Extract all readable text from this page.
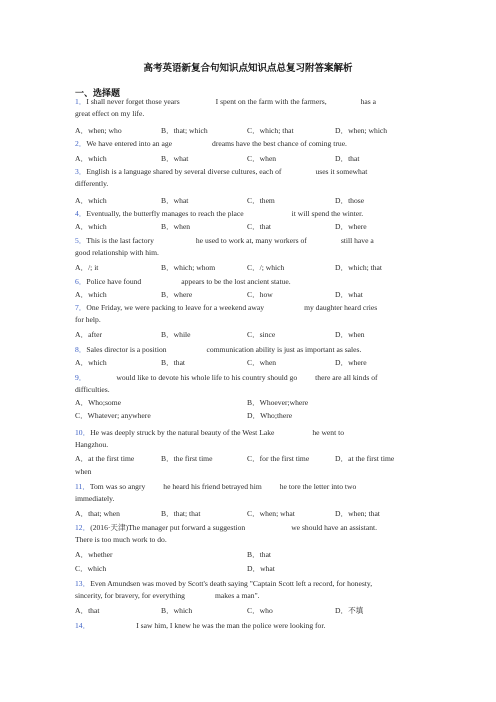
高考英语新复合句知识点知识点总复习附答案解析
一、选择题
1．I shall never forget those years	I spent on the farm with the farmers,	has a
great effect on my life.
A．when; who	B．that; which	C．which; that	D．when; which
2．We have entered into an age	dreams have the best chance of coming true.
A．which	B．what	C．when	D．that
3．English is a language shared by several diverse cultures, each of	uses it somewhat
differently.
A．which	B．what	C．them	D．those
4．Eventually, the butterfly manages to reach the place	it will spend the winter.
A．which	B．when	C．that	D．where
5．This is the last factory	he used to work at, many workers of	still have a
good relationship with him.
A．/; it	B．which; whom	C．/; which	D．which; that
6．Police have found	appears to be the lost ancient statue.
A．which	B．where	C．how	D．what
7．One Friday, we were packing to leave for a weekend away	my daughter heard cries
for help.
A．after	B．while	C．since	D．when
8．Sales director is a position	communication ability is just as important as sales.
A．which	B．that	C．when	D．where
9．	would like to devote his whole life to his country should go there are all kinds of
difficulties.
A．Who;some	B．Whoever;where
C．Whatever; anywhere	D．Who;there
10．He was deeply struck by the natural beauty of the West Lake	he went to
Hangzhou.
A．at the first time	B．the first time	C．for the first time	D．at the first time
when
11．Tom was so angry he heard his friend betrayed him he tore the letter into two
immediately.
A．that; when	B．that; that	C．when; what	D．when; that
12．(2016·天津)The manager put forward a suggestion	we should have an assistant.
There is too much work to do.
A．whether	B．that
C．which	D．what
13．Even Amundsen was moved by Scott's death saying "Captain Scott left a record, for honesty,
sincerity, for bravery, for everything	makes a man".
A．that	B．which	C．who	D．不填
14．	I saw him, I knew he was the man the police were looking for.
